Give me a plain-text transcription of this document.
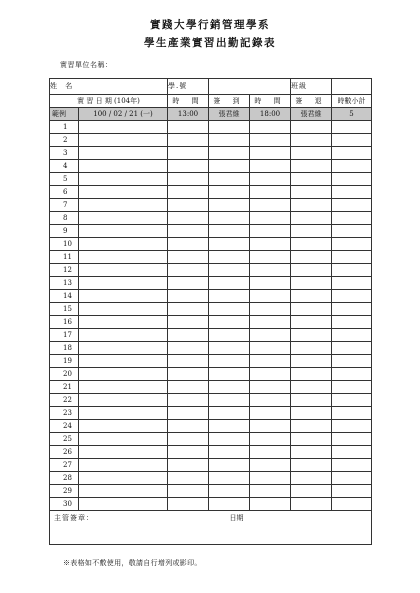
實踐大學行銷管理學系
學生產業實習出勤記錄表
實習單位名稱：
姓 名		學.號			班級	
實 習 日 期 (104年)		時 間	簽 到	時 間	簽 退	時數小計
範例	100 / 02 / 21 (一)	13:00	張君維	18:00	張君維	5
1						
2						
3						
4						
5						
6						
7						
8						
9						
10						
11						
12						
13						
14						
15						
16						
17						
18						
19						
20						
21						
22						
23						
24						
25						
26						
27						
28						
29						
30						
主管簽章：				日期		
※表格如不敷使用，敬請自行增列或影印。
